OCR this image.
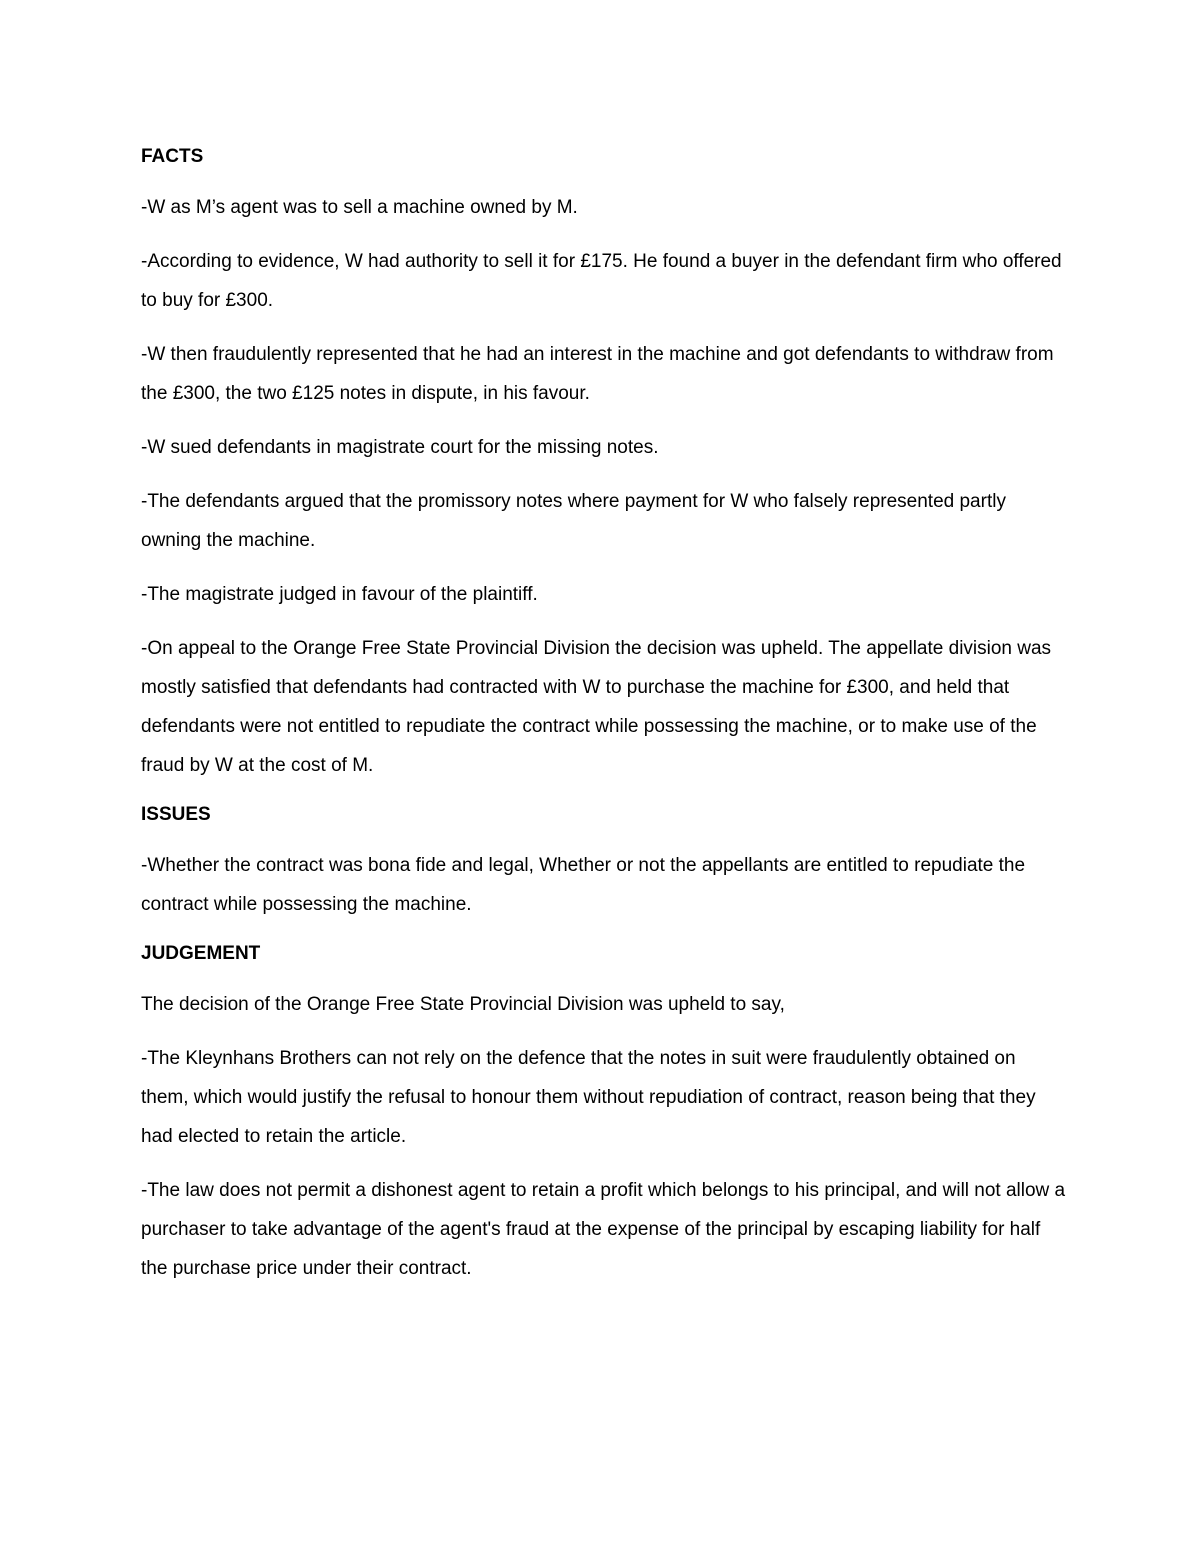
FACTS

-W as M’s agent was to sell a machine owned by M.

-According to evidence, W had authority to sell it for £175. He found a buyer in the defendant firm who offered to buy for £300.

-W then fraudulently represented that he had an interest in the machine and got defendants to withdraw from the £300, the two £125 notes in dispute, in his favour.

-W sued defendants in magistrate court for the missing notes.

-The defendants argued that the promissory notes where payment for W who falsely represented partly owning the machine.

-The magistrate judged in favour of the plaintiff.

-On appeal to the Orange Free State Provincial Division the decision was upheld. The appellate division was mostly satisfied that defendants had contracted with W to purchase the machine for £300, and held that defendants were not entitled to repudiate the contract while possessing the machine, or to make use of the fraud by W at the cost of M.

ISSUES

-Whether the contract was bona fide and legal, Whether or not the appellants are entitled to repudiate the contract while possessing the machine.

JUDGEMENT

The decision of the Orange Free State Provincial Division was upheld to say,

-The Kleynhans Brothers can not rely on the defence that the notes in suit were fraudulently obtained on them, which would justify the refusal to honour them without repudiation of contract, reason being that they had elected to retain the article.

-The law does not permit a dishonest agent to retain a profit which belongs to his principal, and will not allow a purchaser to take advantage of the agent's fraud at the expense of the principal by escaping liability for half the purchase price under their contract.
